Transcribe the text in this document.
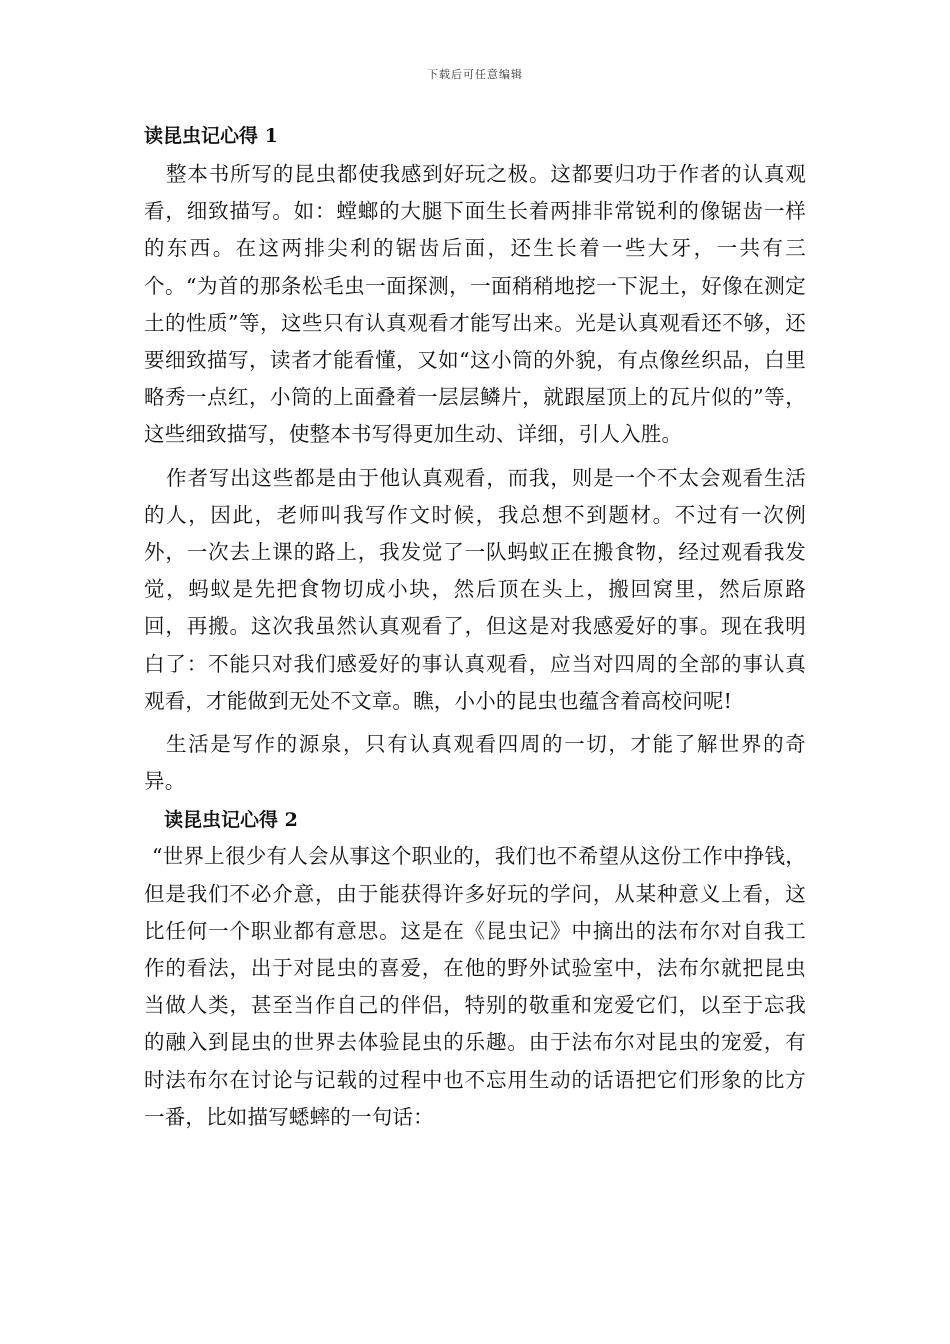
下载后可任意编辑
读昆虫记心得 1

整本书所写的昆虫都使我感到好玩之极。这都要归功于作者的认真观看，细致描写。如：螳螂的大腿下面生长着两排非常锐利的像锯齿一样的东西。在这两排尖利的锯齿后面，还生长着一些大牙，一共有三个。“为首的那条松毛虫一面探测，一面稍稍地挖一下泥土，好像在测定土的性质”等，这些只有认真观看才能写出来。光是认真观看还不够，还要细致描写，读者才能看懂，又如“这小筒的外貌，有点像丝织品，白里略秀一点红，小筒的上面叠着一层层鳞片，就跟屋顶上的瓦片似的”等，这些细致描写，使整本书写得更加生动、详细，引人入胜。

作者写出这些都是由于他认真观看，而我，则是一个不太会观看生活的人，因此，老师叫我写作文时候，我总想不到题材。不过有一次例外，一次去上课的路上，我发觉了一队蚂蚁正在搬食物，经过观看我发觉，蚂蚁是先把食物切成小块，然后顶在头上，搬回窝里，然后原路回，再搬。这次我虽然认真观看了，但这是对我感爱好的事。现在我明白了：不能只对我们感爱好的事认真观看，应当对四周的全部的事认真观看，才能做到无处不文章。瞧，小小的昆虫也蕴含着高校问呢!

生活是写作的源泉，只有认真观看四周的一切，才能了解世界的奇异。

读昆虫记心得 2

“世界上很少有人会从事这个职业的，我们也不希望从这份工作中挣钱，但是我们不必介意，由于能获得许多好玩的学问，从某种意义上看，这比任何一个职业都有意思。这是在《昆虫记》中摘出的法布尔对自我工作的看法，出于对昆虫的喜爱，在他的野外试验室中，法布尔就把昆虫当做人类，甚至当作自己的伴侣，特别的敬重和宠爱它们，以至于忘我的融入到昆虫的世界去体验昆虫的乐趣。由于法布尔对昆虫的宠爱，有时法布尔在讨论与记载的过程中也不忘用生动的话语把它们形象的比方一番，比如描写蟋蟀的一句话：
